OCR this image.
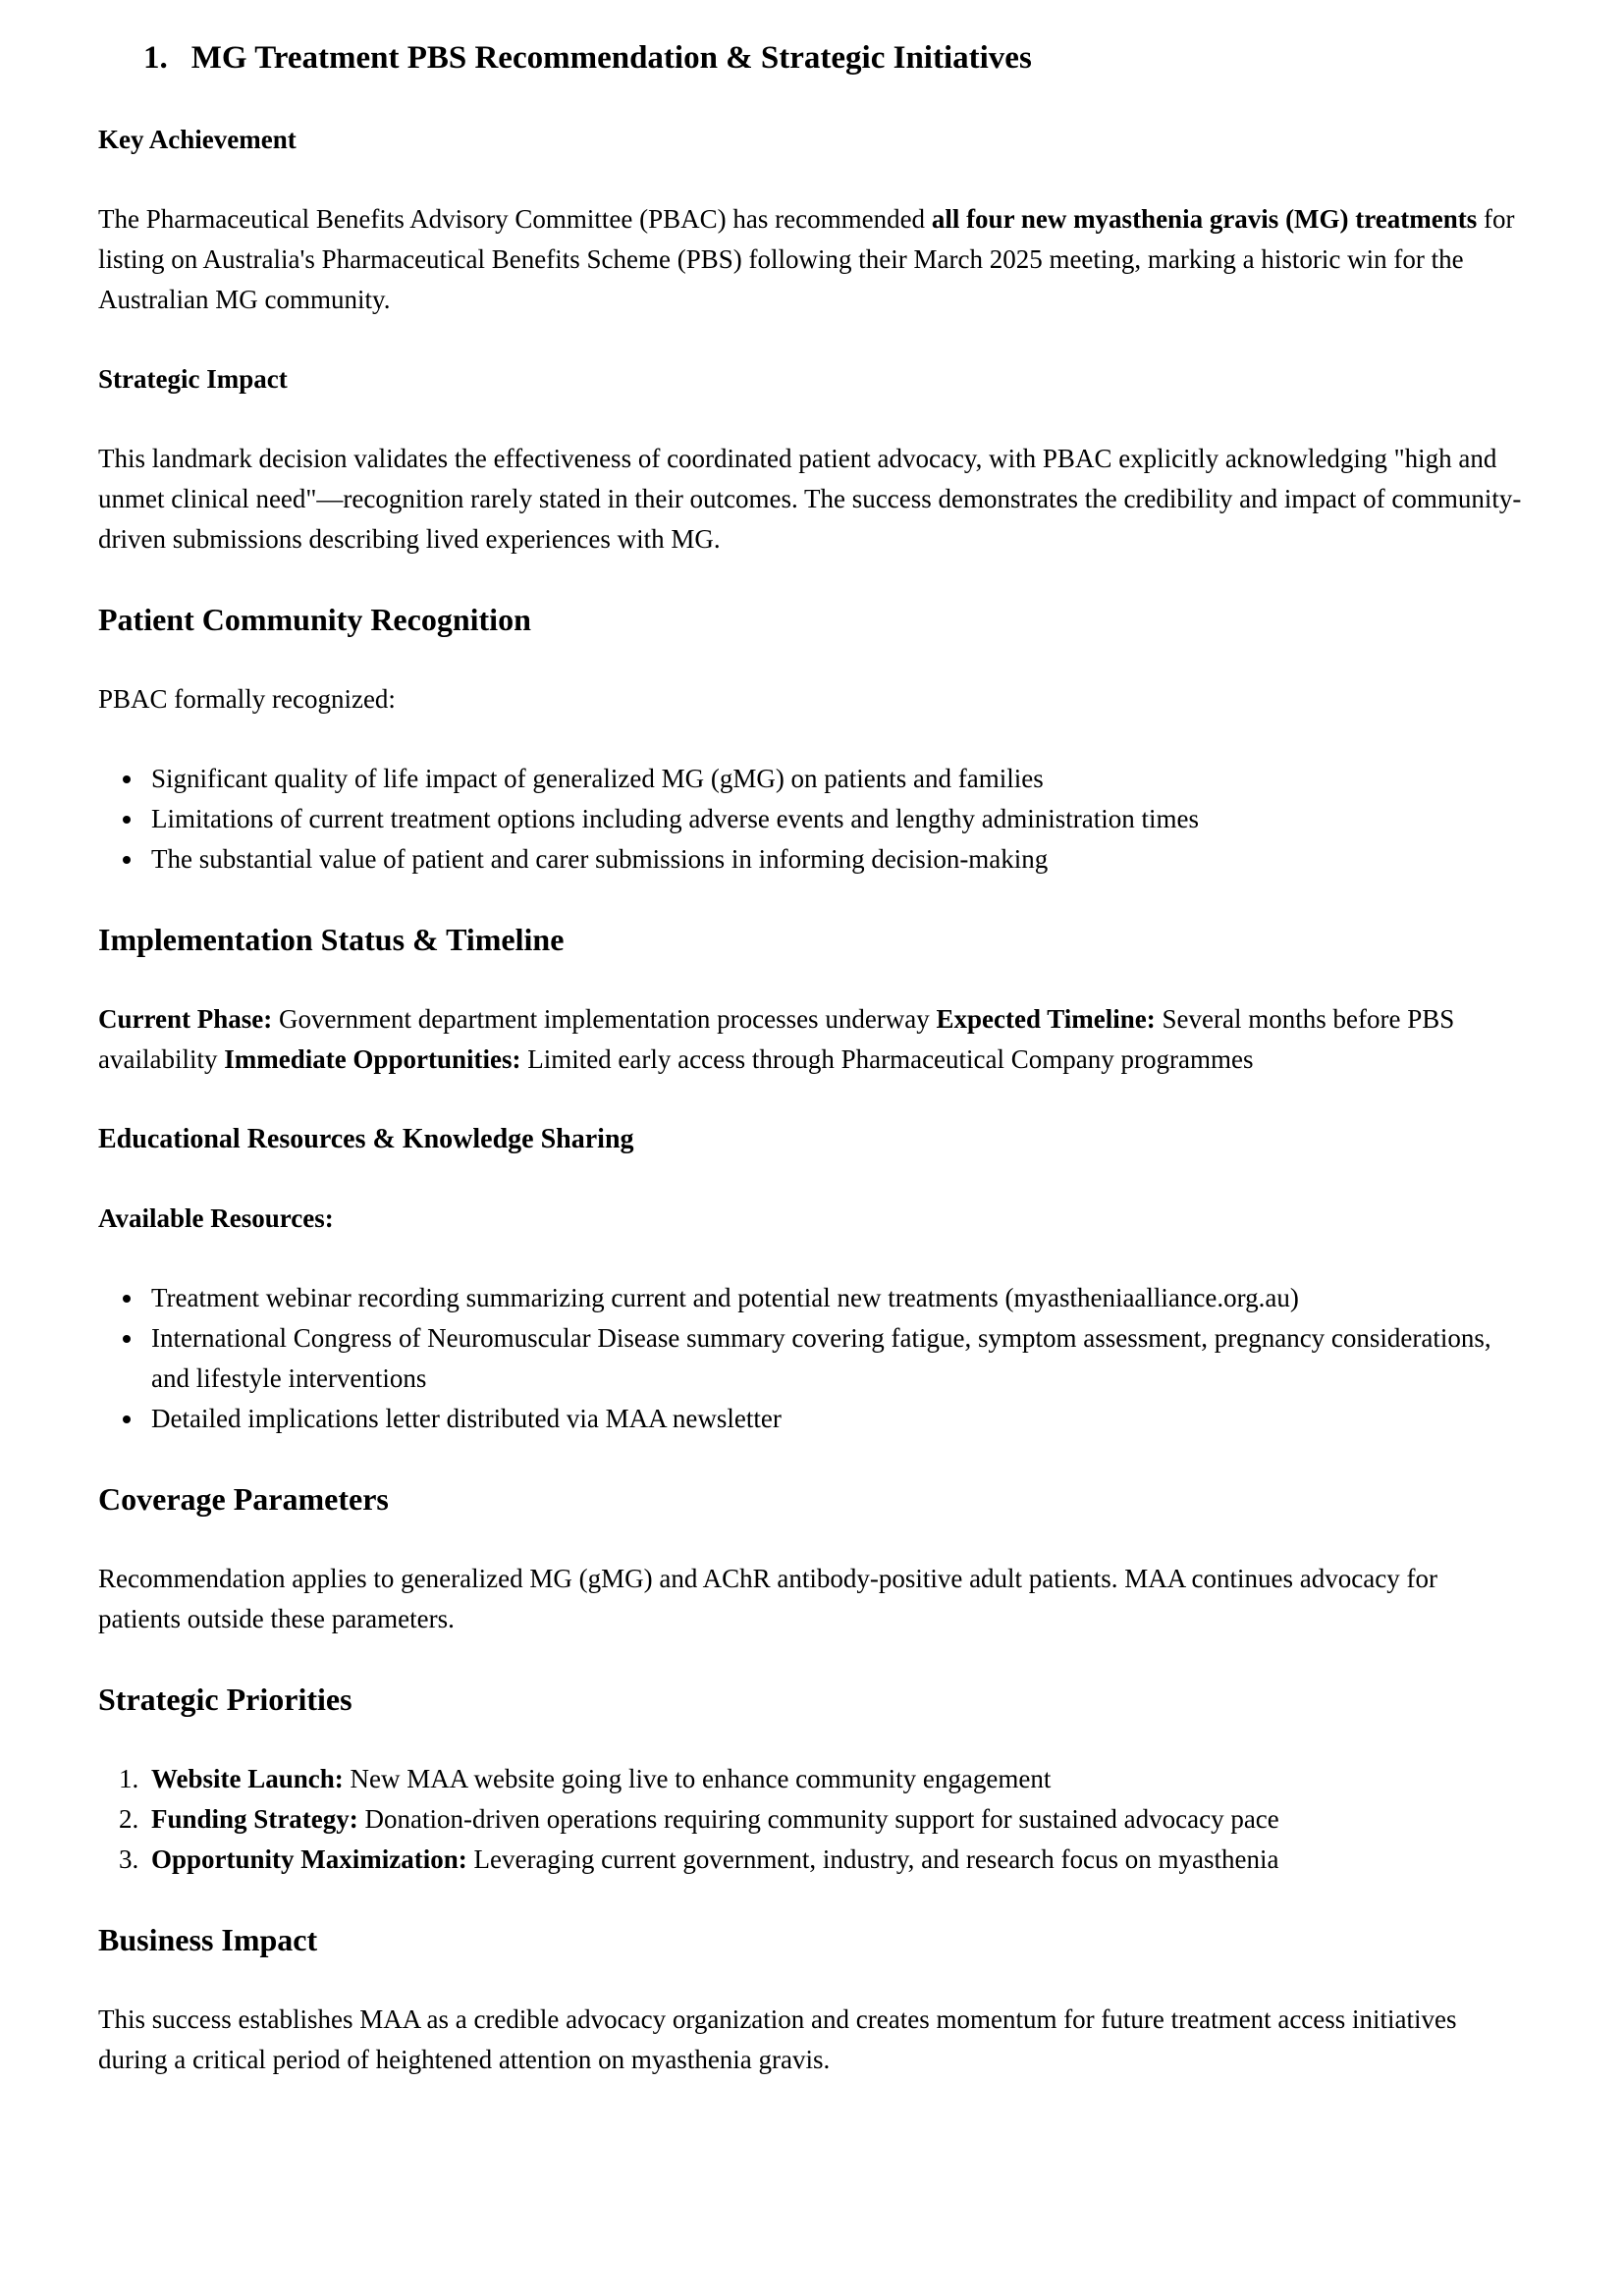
1. MG Treatment PBS Recommendation & Strategic Initiatives
Key Achievement

The Pharmaceutical Benefits Advisory Committee (PBAC) has recommended all four new myasthenia gravis (MG) treatments for listing on Australia's Pharmaceutical Benefits Scheme (PBS) following their March 2025 meeting, marking a historic win for the Australian MG community.

Strategic Impact

This landmark decision validates the effectiveness of coordinated patient advocacy, with PBAC explicitly acknowledging "high and unmet clinical need"—recognition rarely stated in their outcomes. The success demonstrates the credibility and impact of community-driven submissions describing lived experiences with MG.

Patient Community Recognition

PBAC formally recognized:

• Significant quality of life impact of generalized MG (gMG) on patients and families
• Limitations of current treatment options including adverse events and lengthy administration times
• The substantial value of patient and carer submissions in informing decision-making
Implementation Status & Timeline

Current Phase: Government department implementation processes underway Expected Timeline: Several months before PBS availability Immediate Opportunities: Limited early access through Pharmaceutical Company programmes

Educational Resources & Knowledge Sharing
Available Resources:
• Treatment webinar recording summarizing current and potential new treatments (myastheniaalliance.org.au)
• International Congress of Neuromuscular Disease summary covering fatigue, symptom assessment, pregnancy considerations, and lifestyle interventions
• Detailed implications letter distributed via MAA newsletter
Coverage Parameters

Recommendation applies to generalized MG (gMG) and AChR antibody-positive adult patients. MAA continues advocacy for patients outside these parameters.

Strategic Priorities
1. Website Launch: New MAA website going live to enhance community engagement
2. Funding Strategy: Donation-driven operations requiring community support for sustained advocacy pace
3. Opportunity Maximization: Leveraging current government, industry, and research focus on myasthenia
Business Impact

This success establishes MAA as a credible advocacy organization and creates momentum for future treatment access initiatives during a critical period of heightened attention on myasthenia gravis.
